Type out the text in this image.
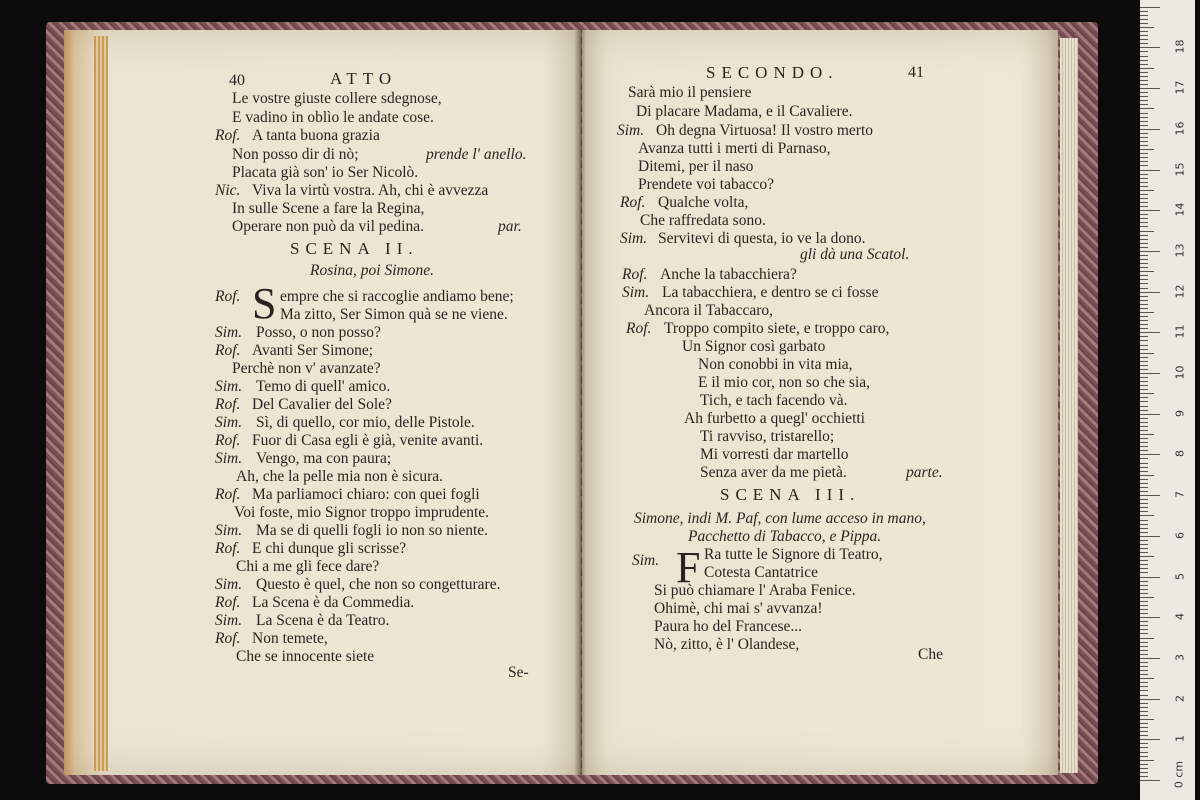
40	ATTO
Le vostre giuste collere sdegnose,
E vadino in oblìo le andate cose.
Rof. A tanta buona grazia
Non posso dir di nò;	prende l' anello.
Placata già son' io Ser Nicolò.
Nic. Viva la virtù vostra. Ah, chi è avvezza
In sulle Scene a fare la Regina,
Operare non può da vil pedina.	par.
SCENA II.
Rosina, poi Simone.
Rof. S empre che si raccoglie andiamo bene;
Ma zitto, Ser Simon quà se ne viene.
Sim. Posso, o non posso?
Rof. Avanti Ser Simone;
Perchè non v' avanzate?
Sim. Temo di quell' amico.
Rof. Del Cavalier del Sole?
Sim. Sì, di quello, cor mio, delle Pistole.
Rof. Fuor di Casa egli è già, venite avanti.
Sim. Vengo, ma con paura;
Ah, che la pelle mia non è sicura.
Rof. Ma parliamoci chiaro: con quei fogli
Voi foste, mio Signor troppo imprudente.
Sim. Ma se di quelli fogli io non so niente.
Rof. E chi dunque gli scrisse?
Chi a me gli fece dare?
Sim. Questo è quel, che non so congetturare.
Rof. La Scena è da Commedia.
Sim. La Scena è da Teatro.
Rof. Non temete,
Che se innocente siete
Se-
SECONDO.	41
Sarà mio il pensiere
Di placare Madama, e il Cavaliere.
Sim. Oh degna Virtuosa! Il vostro merto
Avanza tutti i merti di Parnaso,
Ditemi, per il naso
Prendete voi tabacco?
Rof. Qualche volta,
Che raffredata sono.
Sim. Servitevi di questa, io ve la dono.
gli dà una Scatol.
Rof. Anche la tabacchiera?
Sim. La tabacchiera, e dentro se ci fosse
Ancora il Tabaccaro,
Rof. Troppo compito siete, e troppo caro,
Un Signor così garbato
Non conobbi in vita mia,
E il mio cor, non so che sia,
Tich, e tach facendo và.
Ah furbetto a quegl' occhietti
Ti ravviso, tristarello;
Mi vorresti dar martello
Senza aver da me pietà.	parte.
SCENA III.
Simone, indi M. Paf, con lume acceso in mano,
Pacchetto di Tabacco, e Pippa.
Sim. F Ra tutte le Signore di Teatro,
Cotesta Cantatrice
Si può chiamare l' Araba Fenice.
Ohimè, chi mai s' avvanza!
Paura ho del Francese...
Nò, zitto, è l' Olandese,
Che
0 cm
1
2
3
4
5
6
7
8
9
10
11
12
13
14
15
16
17
18
